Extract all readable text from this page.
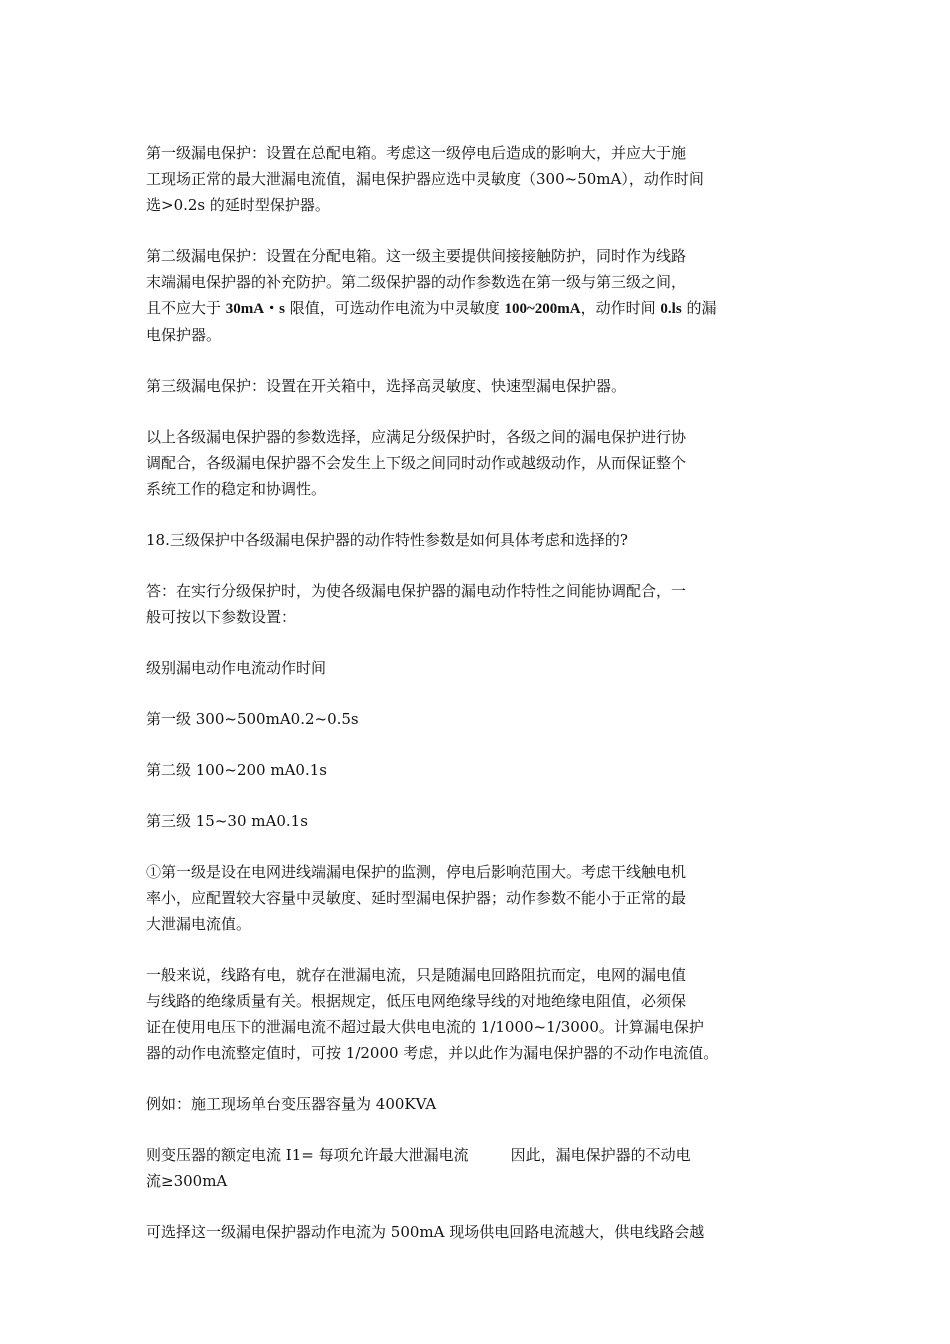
第一级漏电保护：设置在总配电箱。考虑这一级停电后造成的影响大，并应大于施
工现场正常的最大泄漏电流值，漏电保护器应选中灵敏度（300~50mA），动作时间
选>0.2s 的延时型保护器。

第二级漏电保护：设置在分配电箱。这一级主要提供间接接触防护，同时作为线路
末端漏电保护器的补充防护。第二级保护器的动作参数选在第一级与第三级之间，
且不应大于 30mA・s 限值，可选动作电流为中灵敏度 100~200mA，动作时间 0.ls 的漏
电保护器。

第三级漏电保护：设置在开关箱中，选择高灵敏度、快速型漏电保护器。

以上各级漏电保护器的参数选择，应满足分级保护时，各级之间的漏电保护进行协
调配合，各级漏电保护器不会发生上下级之间同时动作或越级动作，从而保证整个
系统工作的稳定和协调性。

18.三级保护中各级漏电保护器的动作特性参数是如何具体考虑和选择的?

答：在实行分级保护时，为使各级漏电保护器的漏电动作特性之间能协调配合，一
般可按以下参数设置：

级别漏电动作电流动作时间

第一级 300~500mA0.2~0.5s

第二级 100~200 mA0.1s

第三级 15~30 mA0.1s

①第一级是设在电网进线端漏电保护的监测，停电后影响范围大。考虑干线触电机
率小，应配置较大容量中灵敏度、延时型漏电保护器；动作参数不能小于正常的最
大泄漏电流值。

一般来说，线路有电，就存在泄漏电流，只是随漏电回路阻抗而定，电网的漏电值
与线路的绝缘质量有关。根据规定，低压电网绝缘导线的对地绝缘电阻值，必须保
证在使用电压下的泄漏电流不超过最大供电电流的 1/1000~1/3000。计算漏电保护
器的动作电流整定值时，可按 1/2000 考虑，并以此作为漏电保护器的不动作电流值。

例如：施工现场单台变压器容量为 400KVA

则变压器的额定电流 I1= 每项允许最大泄漏电流	因此，漏电保护器的不动电
流≥300mA

可选择这一级漏电保护器动作电流为 500mA 现场供电回路电流越大，供电线路会越
